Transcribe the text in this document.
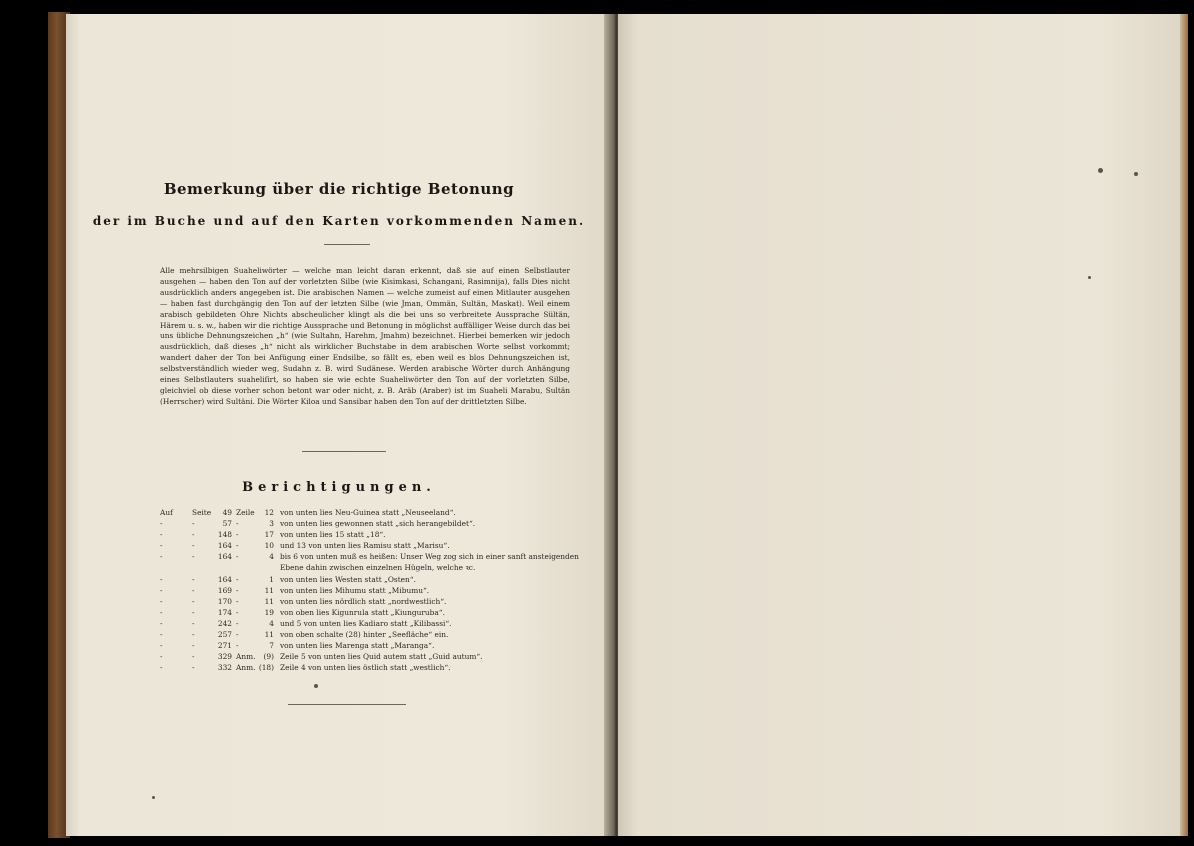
Bemerkung über die richtige Betonung
der im Buche und auf den Karten vorkommenden Namen.

Alle mehrsilbigen Suaheliwörter — welche man leicht daran erkennt, daß sie auf einen Selbstlauter ausgehen — haben den Ton auf der vorletzten Silbe (wie Kisimkasi, Schangani, Rasimnija), falls Dies nicht ausdrücklich anders angegeben ist. Die arabischen Namen — welche zumeist auf einen Mitlauter ausgehen — haben fast durchgängig den Ton auf der letzten Silbe (wie Jman, Ommän, Sultän, Maskat). Weil einem arabisch gebildeten Ohre Nichts abscheulicher klingt als die bei uns so verbreitete Aussprache Sültän, Härem u. s. w., haben wir die richtige Aussprache und Betonung in möglichst auffälliger Weise durch das bei uns übliche Dehnungszeichen „h“ (wie Sultahn, Harehm, Jmahm) bezeichnet. Hierbei bemerken wir jedoch ausdrücklich, daß dieses „h“ nicht als wirklicher Buchstabe in dem arabischen Worte selbst vorkommt; wandert daher der Ton bei Anfügung einer Endsilbe, so fällt es, eben weil es blos Dehnungszeichen ist, selbstverständlich wieder weg, Sudahn z. B. wird Sudänese. Werden arabische Wörter durch Anhängung eines Selbstlauters suaheliſirt, so haben sie wie echte Suaheliwörter den Ton auf der vorletzten Silbe, gleichviel ob diese vorher schon betont war oder nicht, z. B. Aräb (Araber) ist im Suaheli Marabu, Sultän (Herrscher) wird Sultäni. Die Wörter Kiloa und Sansibar haben den Ton auf der drittletzten Silbe.

Berichtigungen.
Auf	Seite	49 Zeile	12 von unten lies Neu-Guinea statt „Neuseeland“.
-	-	57 -	3 von unten lies gewonnen statt „sich herangebildet“.
-	-	148 -	17 von unten lies 15 statt „18“.
-	-	164 -	10 und 13 von unten lies Ramisu statt „Marisu“.
-	-	164 -	4 bis 6 von unten muß es heißen: Unser Weg zog sich in einer sanft ansteigenden Ebene dahin zwischen einzelnen Hügeln, welche ꝛc.
-	-	164 -	1 von unten lies Westen statt „Osten“.
-	-	169 -	11 von unten lies Mihumu statt „Mibumu“.
-	-	170 -	11 von unten lies nördlich statt „nordwestlich“.
-	-	174 -	19 von oben lies Kigunrula statt „Kiunguruba“.
-	-	242 -	4 und 5 von unten lies Kadiaro statt „Kilibassi“.
-	-	257 -	11 von oben schalte (28) hinter „Seefläche“ ein.
-	-	271 -	7 von unten lies Marenga statt „Maranga“.
-	-	329 Anm.	(9) Zeile 5 von unten lies Quid autem statt „Guid autum“.
-	-	332 Anm. (18) Zeile 4 von unten lies östlich statt „westlich“.
